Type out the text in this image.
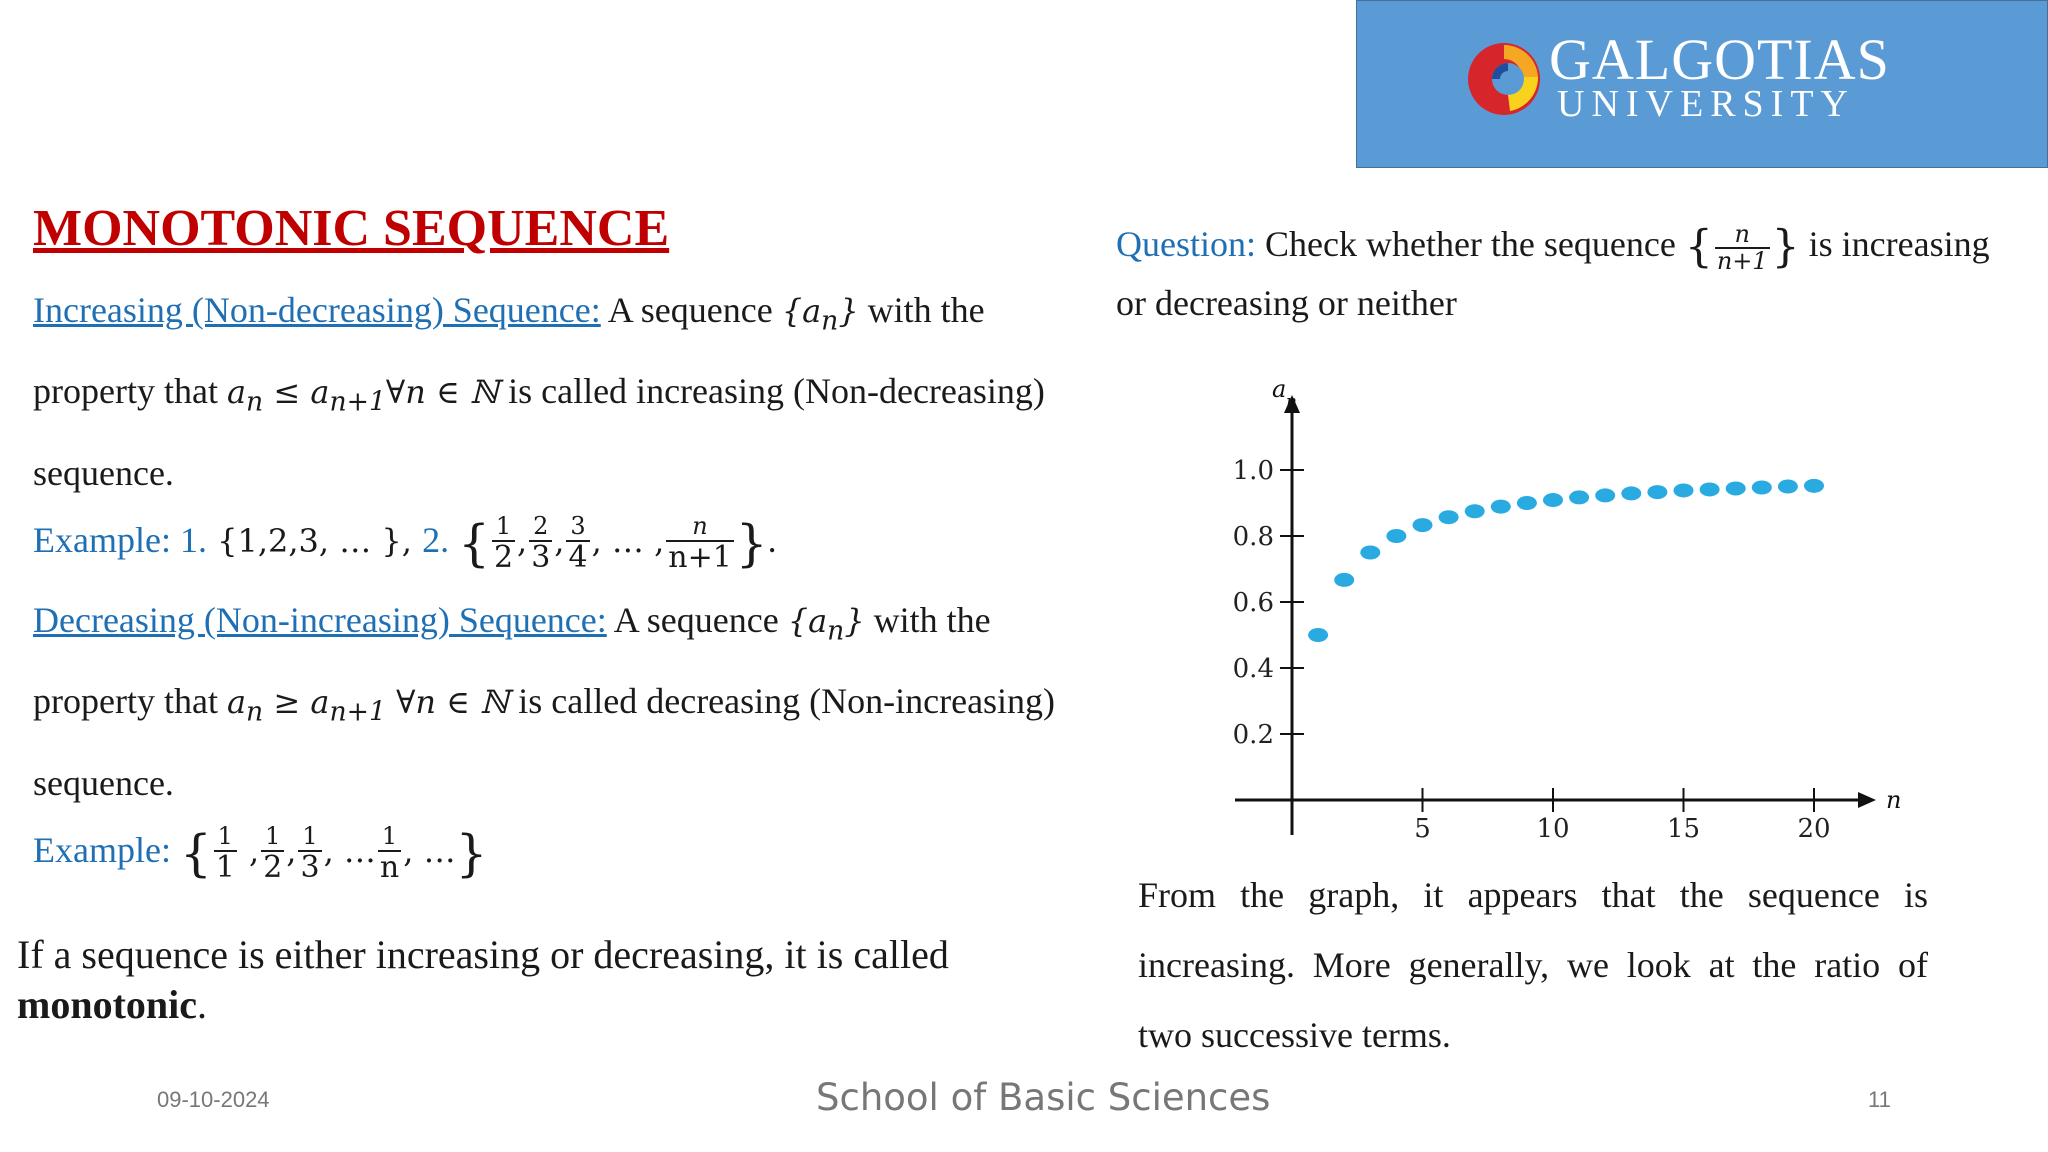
GALGOTIAS
UNIVERSITY
MONOTONIC SEQUENCE
Increasing (Non-decreasing) Sequence: A sequence $\{a_n\}$ with the
property that $a_n$ ≤ $a_{n+1}\forall n$ ∈ ℕ is called increasing (Non-decreasing)
sequence.
Example: 1. {1,2,3, … }, 2. { $\frac{1}{2}$ , $\frac{2}{3}$ , $\frac{3}{4}$ , … , $\frac{n}{n+1}$ }.
Decreasing (Non-increasing) Sequence: A sequence $\{a_n\}$ with the
property that $a_n \ge a_{n+1}$ ∀n ∈ ℕ is called decreasing (Non-increasing)
sequence.
Example: { $\frac{1}{1}$ , $\frac{1}{2}$ , $\frac{1}{3}$ , … $\frac{1}{n}$ , …}
If a sequence is either increasing or decreasing, it is called
monotonic.
Question: Check whether the sequence { $\frac{n}{n+1}$ } is increasing
or decreasing or neither
a n
n
0.2
0.4
0.6
0.8
1.0
5	10	15	20
From the graph, it appears that the sequence is
increasing. More generally, we look at the ratio of
two successive terms.
09-10-2024	School of Basic Sciences	11
